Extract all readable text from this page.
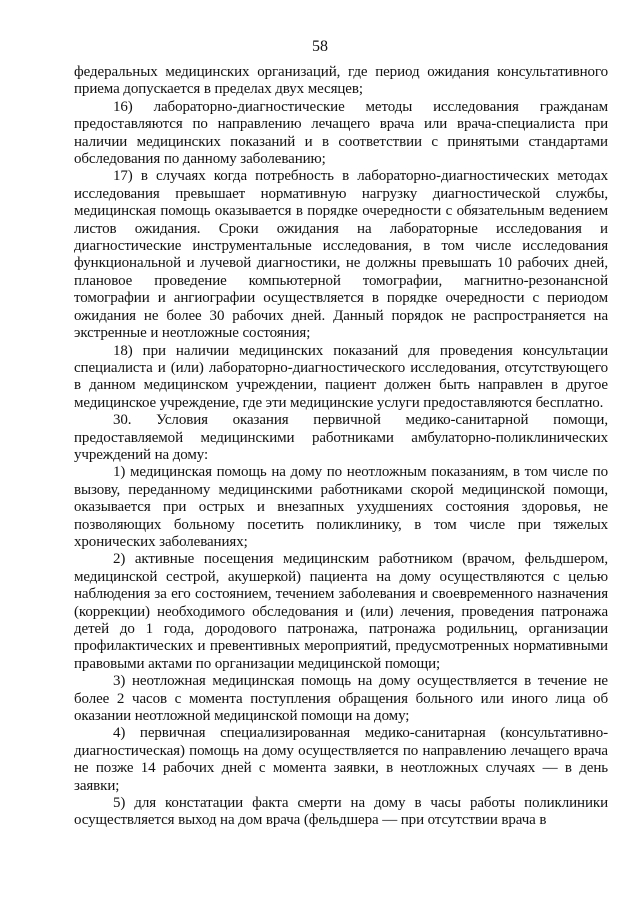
58

федеральных медицинских организаций, где период ожидания консультативного приема допускается в пределах двух месяцев;

16) лабораторно-диагностические методы исследования гражданам предоставляются по направлению лечащего врача или врача-специалиста при наличии медицинских показаний и в соответствии с принятыми стандартами обследования по данному заболеванию;

17) в случаях когда потребность в лабораторно-диагностических методах исследования превышает нормативную нагрузку диагностической службы, медицинская помощь оказывается в порядке очередности с обязательным ведением листов ожидания. Сроки ожидания на лабораторные исследования и диагностические инструментальные исследования, в том числе исследования функциональной и лучевой диагностики, не должны превышать 10 рабочих дней, плановое проведение компьютерной томографии, магнитно-резонансной томографии и ангиографии осуществляется в порядке очередности с периодом ожидания не более 30 рабочих дней. Данный порядок не распространяется на экстренные и неотложные состояния;

18) при наличии медицинских показаний для проведения консультации специалиста и (или) лабораторно-диагностического исследования, отсутствующего в данном медицинском учреждении, пациент должен быть направлен в другое медицинское учреждение, где эти медицинские услуги предоставляются бесплатно.

30. Условия оказания первичной медико-санитарной помощи, предоставляемой медицинскими работниками амбулаторно-поликлинических учреждений на дому:

1) медицинская помощь на дому по неотложным показаниям, в том числе по вызову, переданному медицинскими работниками скорой медицинской помощи, оказывается при острых и внезапных ухудшениях состояния здоровья, не позволяющих больному посетить поликлинику, в том числе при тяжелых хронических заболеваниях;

2) активные посещения медицинским работником (врачом, фельдшером, медицинской сестрой, акушеркой) пациента на дому осуществляются с целью наблюдения за его состоянием, течением заболевания и своевременного назначения (коррекции) необходимого обследования и (или) лечения, проведения патронажа детей до 1 года, дородового патронажа, патронажа родильниц, организации профилактических и превентивных мероприятий, предусмотренных нормативными правовыми актами по организации медицинской помощи;

3) неотложная медицинская помощь на дому осуществляется в течение не более 2 часов с момента поступления обращения больного или иного лица об оказании неотложной медицинской помощи на дому;

4) первичная специализированная медико-санитарная (консультативно-диагностическая) помощь на дому осуществляется по направлению лечащего врача не позже 14 рабочих дней с момента заявки, в неотложных случаях — в день заявки;

5) для констатации факта смерти на дому в часы работы поликлиники осуществляется выход на дом врача (фельдшера — при отсутствии врача в
